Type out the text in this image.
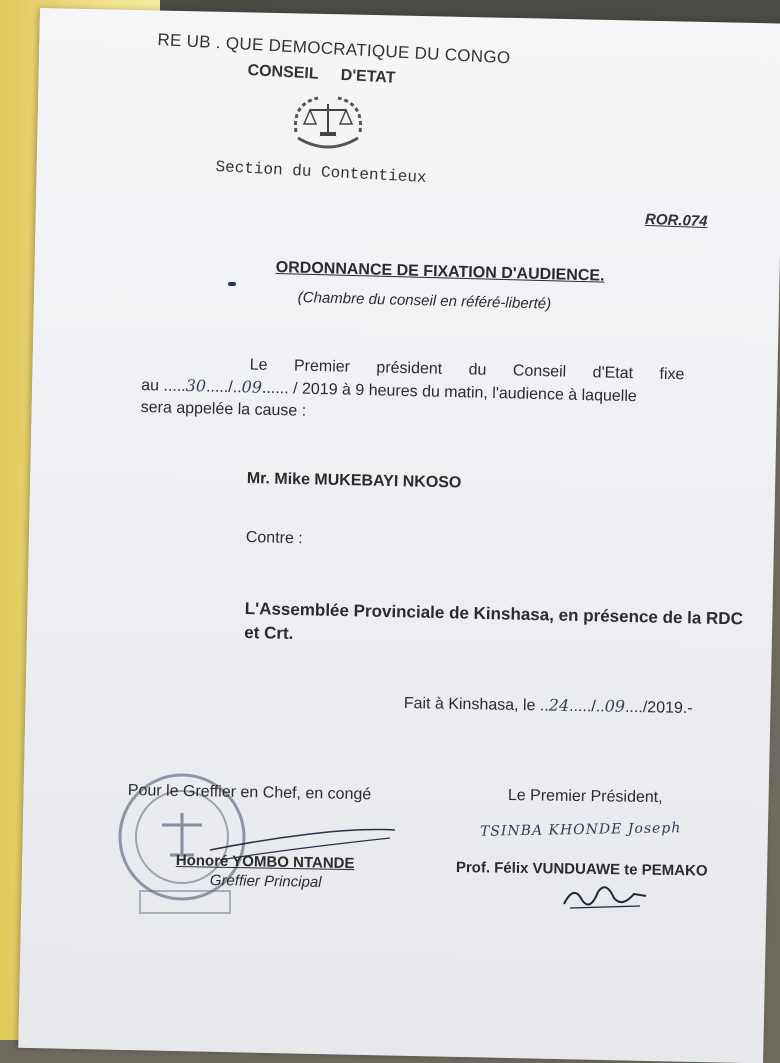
RE UB . QUE DEMOCRATIQUE DU CONGO
CONSEIL D'ETAT
Section du Contentieux
ROR.074
ORDONNANCE DE FIXATION D'AUDIENCE.
(Chambre du conseil en référé-liberté)
Le Premier président du Conseil d'Etat fixe
au .....30...../..09...... / 2019 à 9 heures du matin, l'audience à laquelle
sera appelée la cause :
Mr. Mike MUKEBAYI NKOSO
Contre :
L'Assemblée Provinciale de Kinshasa, en présence de la RDC et Crt.
Fait à Kinshasa, le ..24...../..09..../2019.-
Pour le Greffier en Chef, en congé
Honoré YOMBO NTANDE
Greffier Principal
Le Premier Président,
TSINBA KHONDE Joseph
Prof. Félix VUNDUAWE te PEMAKO
